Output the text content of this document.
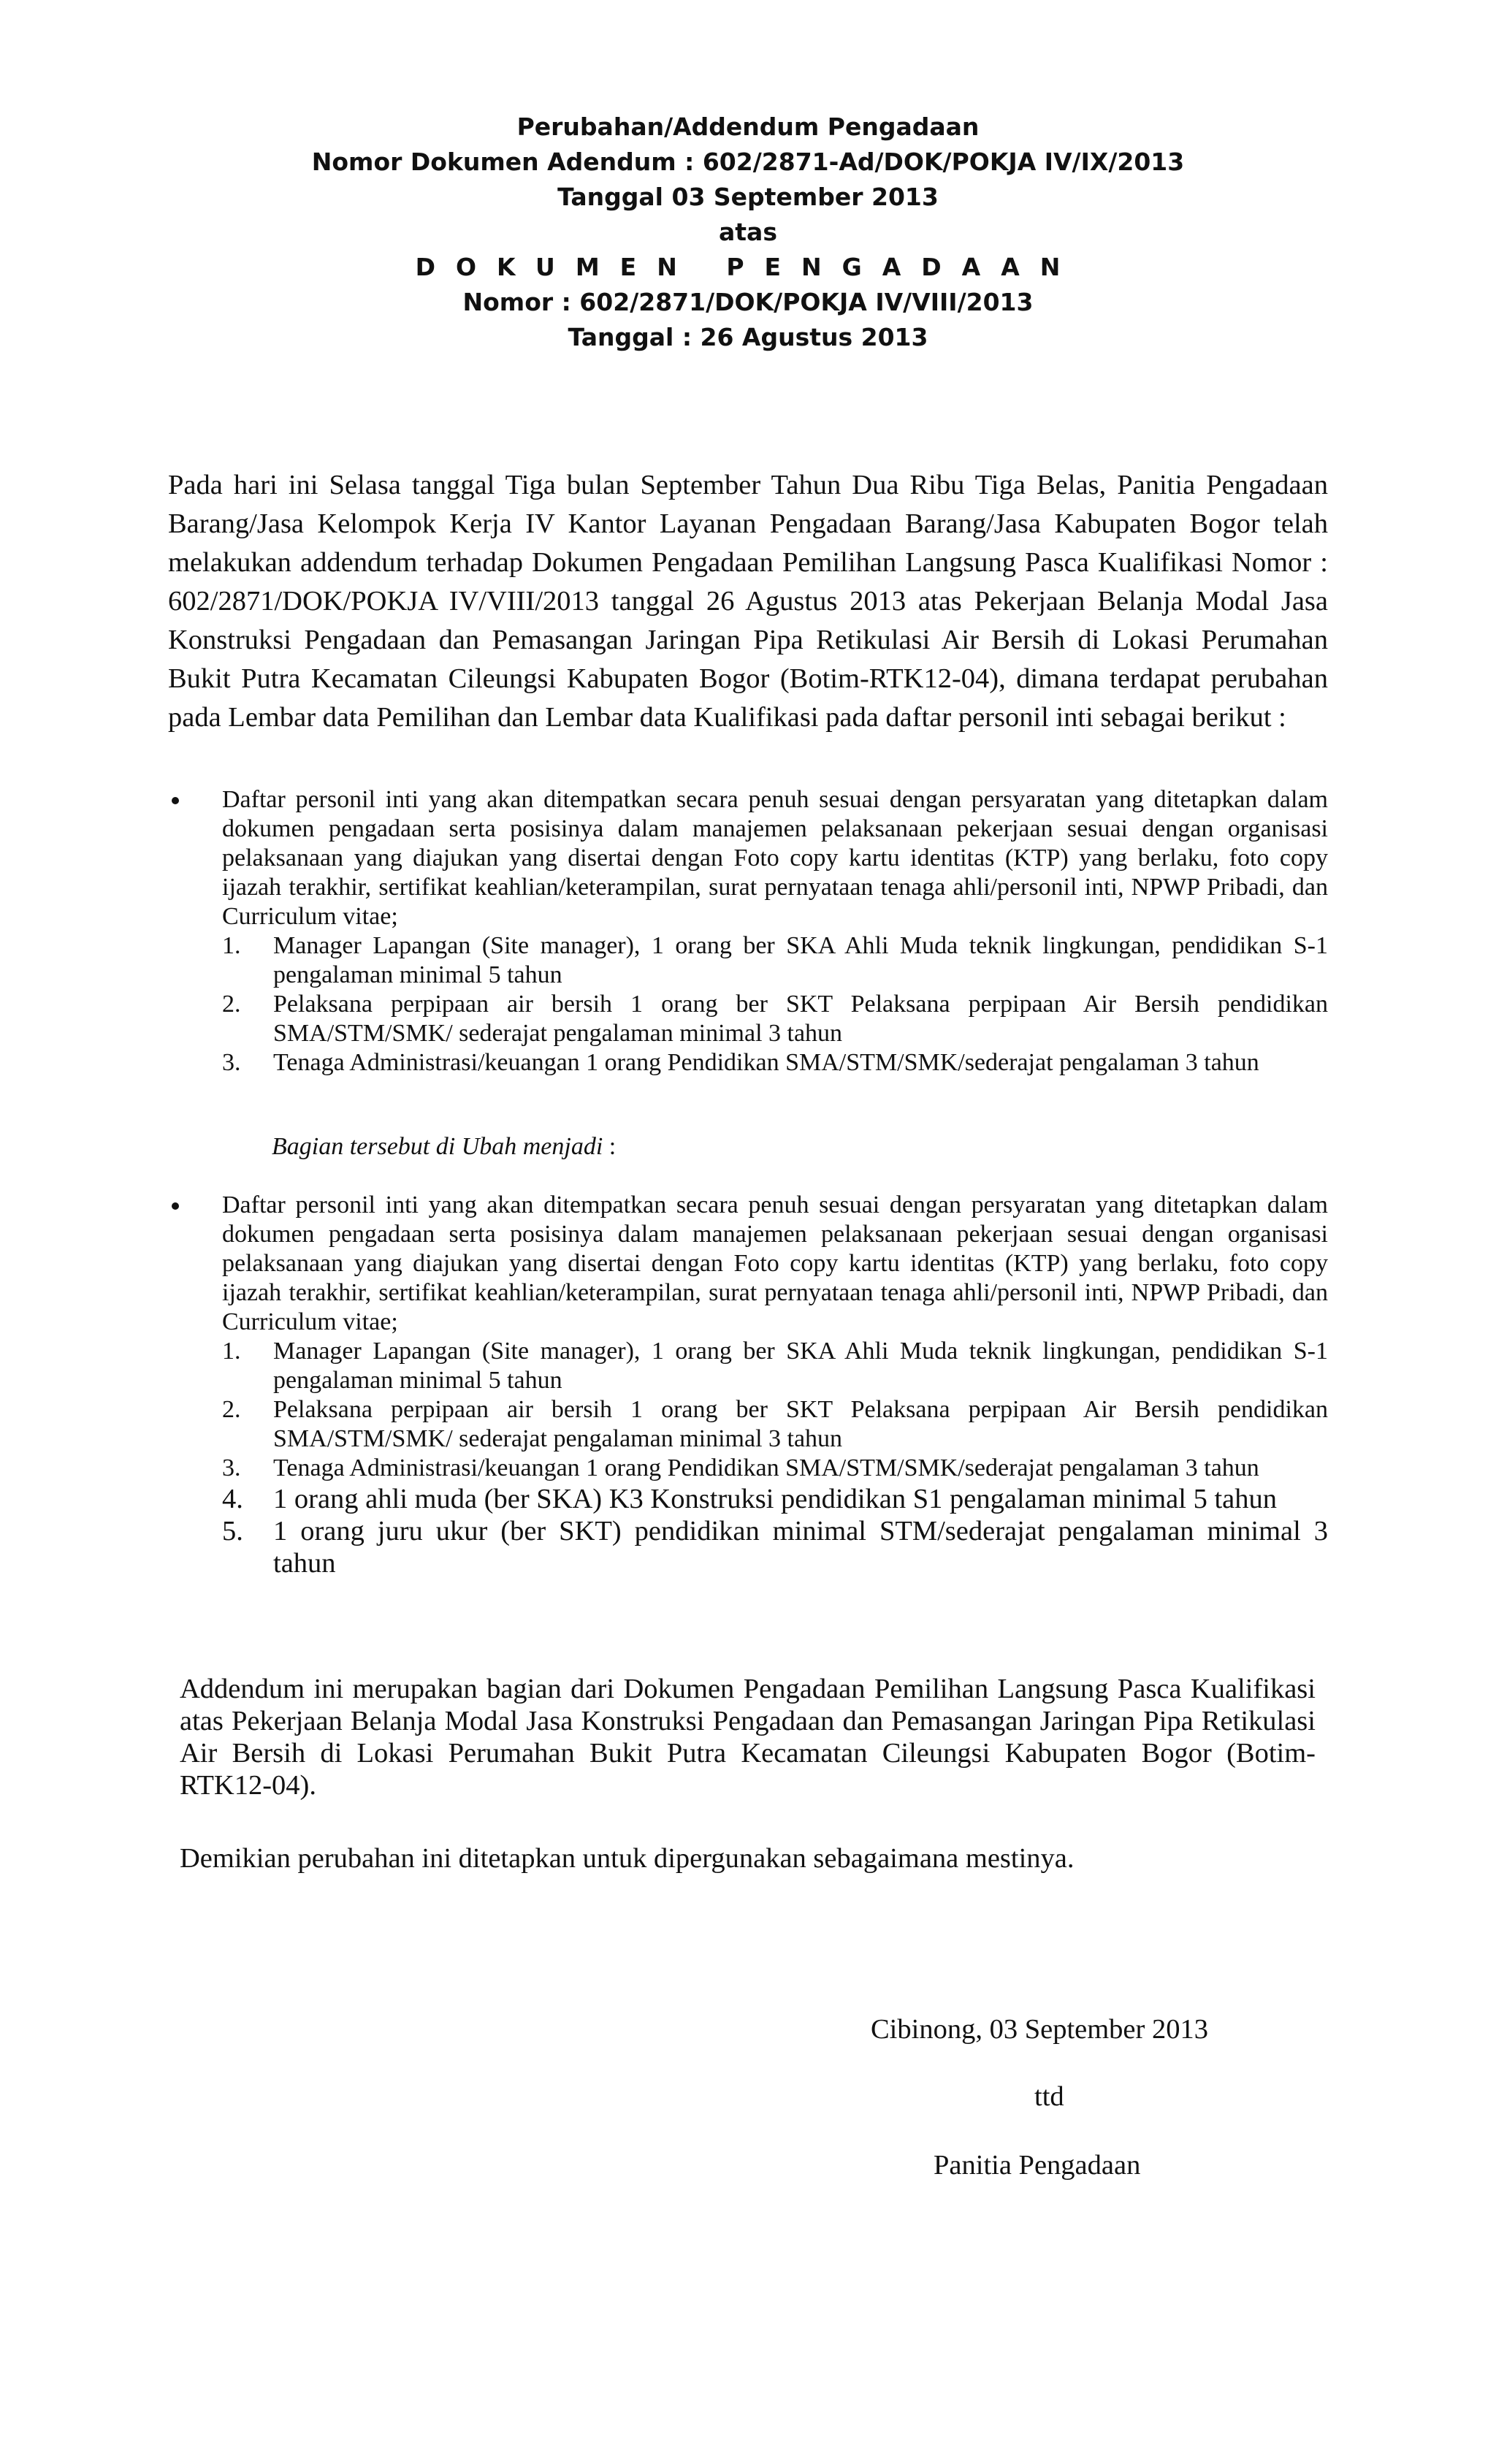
Perubahan/Addendum Pengadaan
Nomor Dokumen Adendum : 602/2871-Ad/DOK/POKJA IV/IX/2013
Tanggal 03 September 2013
atas
DOKUMEN PENGADAAN
Nomor : 602/2871/DOK/POKJA IV/VIII/2013
Tanggal : 26 Agustus 2013
Pada hari ini Selasa tanggal Tiga bulan September Tahun Dua Ribu Tiga Belas, Panitia Pengadaan Barang/Jasa Kelompok Kerja IV Kantor Layanan Pengadaan Barang/Jasa Kabupaten Bogor telah melakukan addendum terhadap Dokumen Pengadaan Pemilihan Langsung Pasca Kualifikasi Nomor : 602/2871/DOK/POKJA IV/VIII/2013 tanggal 26 Agustus 2013 atas Pekerjaan Belanja Modal Jasa Konstruksi Pengadaan dan Pemasangan Jaringan Pipa Retikulasi Air Bersih di Lokasi Perumahan Bukit Putra Kecamatan Cileungsi Kabupaten Bogor (Botim-RTK12-04), dimana terdapat perubahan pada Lembar data Pemilihan dan Lembar data Kualifikasi pada daftar personil inti sebagai berikut :
Daftar personil inti yang akan ditempatkan secara penuh sesuai dengan persyaratan yang ditetapkan dalam dokumen pengadaan serta posisinya dalam manajemen pelaksanaan pekerjaan sesuai dengan organisasi pelaksanaan yang diajukan yang disertai dengan Foto copy kartu identitas (KTP) yang berlaku, foto copy ijazah terakhir, sertifikat keahlian/keterampilan, surat pernyataan tenaga ahli/personil inti, NPWP Pribadi, dan Curriculum vitae;
1. Manager Lapangan (Site manager), 1 orang ber SKA Ahli Muda teknik lingkungan, pendidikan S-1 pengalaman minimal 5 tahun
2. Pelaksana perpipaan air bersih 1 orang ber SKT Pelaksana perpipaan Air Bersih pendidikan SMA/STM/SMK/ sederajat pengalaman minimal 3 tahun
3. Tenaga Administrasi/keuangan 1 orang Pendidikan SMA/STM/SMK/sederajat pengalaman 3 tahun
Bagian tersebut di Ubah menjadi :
Daftar personil inti yang akan ditempatkan secara penuh sesuai dengan persyaratan yang ditetapkan dalam dokumen pengadaan serta posisinya dalam manajemen pelaksanaan pekerjaan sesuai dengan organisasi pelaksanaan yang diajukan yang disertai dengan Foto copy kartu identitas (KTP) yang berlaku, foto copy ijazah terakhir, sertifikat keahlian/keterampilan, surat pernyataan tenaga ahli/personil inti, NPWP Pribadi, dan Curriculum vitae;
1. Manager Lapangan (Site manager), 1 orang ber SKA Ahli Muda teknik lingkungan, pendidikan S-1 pengalaman minimal 5 tahun
2. Pelaksana perpipaan air bersih 1 orang ber SKT Pelaksana perpipaan Air Bersih pendidikan SMA/STM/SMK/ sederajat pengalaman minimal 3 tahun
3. Tenaga Administrasi/keuangan 1 orang Pendidikan SMA/STM/SMK/sederajat pengalaman 3 tahun
4. 1 orang ahli muda (ber SKA) K3 Konstruksi pendidikan S1 pengalaman minimal 5 tahun
5. 1 orang juru ukur (ber SKT) pendidikan minimal STM/sederajat pengalaman minimal 3 tahun
Addendum ini merupakan bagian dari Dokumen Pengadaan Pemilihan Langsung Pasca Kualifikasi atas Pekerjaan Belanja Modal Jasa Konstruksi Pengadaan dan Pemasangan Jaringan Pipa Retikulasi Air Bersih di Lokasi Perumahan Bukit Putra Kecamatan Cileungsi Kabupaten Bogor (Botim-RTK12-04).
Demikian perubahan ini ditetapkan untuk dipergunakan sebagaimana mestinya.
Cibinong, 03 September 2013
ttd
Panitia Pengadaan
